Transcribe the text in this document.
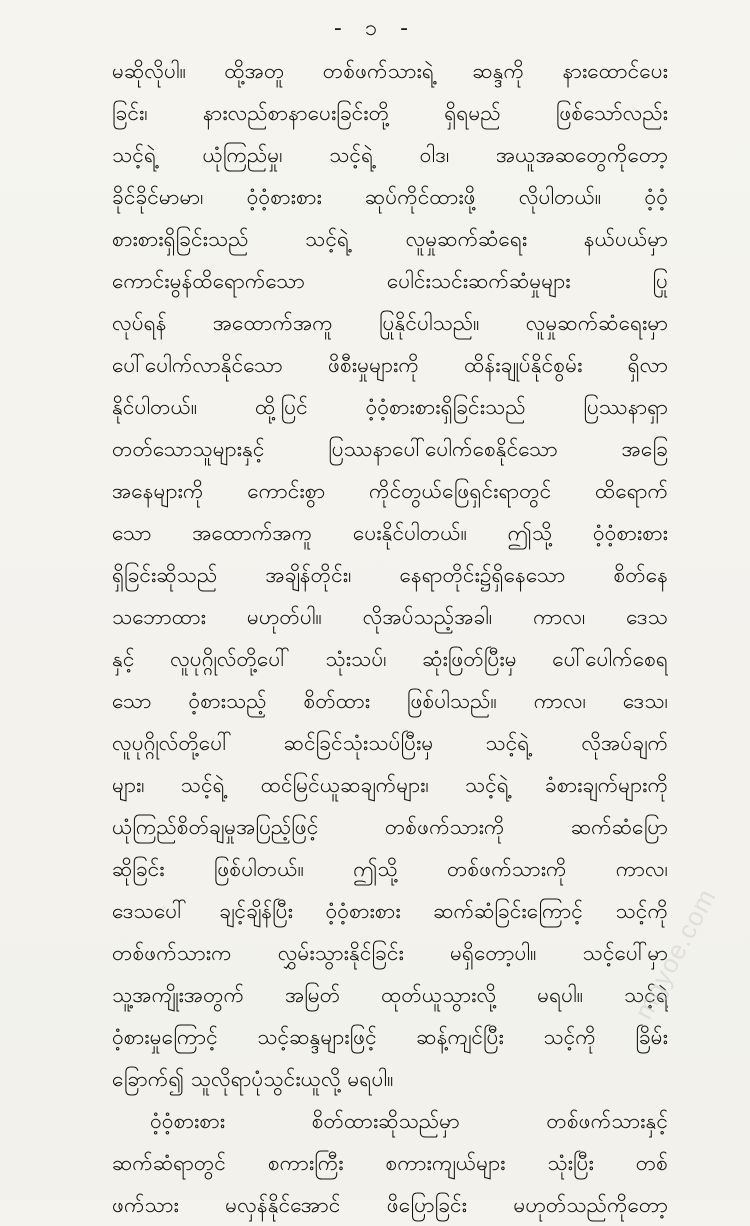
- ၁ -
မဆိုလိုပါ။ ထို့အတူ တစ်ဖက်သားရဲ့ ဆန္ဒကို နားထောင်ပေး
ခြင်း၊ နားလည်စာနာပေးခြင်းတို့ ရှိရမည် ဖြစ်သော်လည်း
သင့်ရဲ့ ယုံကြည်မှု၊ သင့်ရဲ့ ဝါဒ၊ အယူအဆတွေကိုတော့
ခိုင်ခိုင်မာမာ၊ ဝံ့ဝံ့စားစား ဆုပ်ကိုင်ထားဖို့ လိုပါတယ်။ ဝံ့ဝံ့
စားစားရှိခြင်းသည် သင့်ရဲ့ လူမှုဆက်ဆံရေး နယ်ပယ်မှာ
ကောင်းမွန်ထိရောက်သော ပေါင်းသင်းဆက်ဆံမှုများ ပြု
လုပ်ရန် အထောက်အကူ ပြုနိုင်ပါသည်။ လူမှုဆက်ဆံရေးမှာ
ပေါ်ပေါက်လာနိုင်သော ဖိစီးမှုများကို ထိန်းချုပ်နိုင်စွမ်း ရှိလာ
နိုင်ပါတယ်။ ထို့ပြင် ဝံ့ဝံ့စားစားရှိခြင်းသည် ပြဿနာရှာ
တတ်သောသူများနှင့် ပြဿနာပေါ်ပေါက်စေနိုင်သော အခြေ
အနေများကို ကောင်းစွာ ကိုင်တွယ်ဖြေရှင်းရာတွင် ထိရောက်
သော အထောက်အကူ ပေးနိုင်ပါတယ်။ ဤသို့ ဝံ့ဝံ့စားစား
ရှိခြင်းဆိုသည် အချိန်တိုင်း၊ နေရာတိုင်း၌ရှိနေသော စိတ်နေ
သဘောထား မဟုတ်ပါ။ လိုအပ်သည့်အခါ၊ ကာလ၊ ဒေသ
နှင့် လူပုဂ္ဂိုလ်တို့ပေါ် သုံးသပ်၊ ဆုံးဖြတ်ပြီးမှ ပေါ်ပေါက်စေရ
သော ဝံ့စားသည့် စိတ်ထား ဖြစ်ပါသည်။ ကာလ၊ ဒေသ၊
လူပုဂ္ဂိုလ်တို့ပေါ် ဆင်ခြင်သုံးသပ်ပြီးမှ သင့်ရဲ့ လိုအပ်ချက်
များ၊ သင့်ရဲ့ ထင်မြင်ယူဆချက်များ၊ သင့်ရဲ့ ခံစားချက်များကို
ယုံကြည်စိတ်ချမှုအပြည့်ဖြင့် တစ်ဖက်သားကို ဆက်ဆံပြော
ဆိုခြင်း ဖြစ်ပါတယ်။ ဤသို့ တစ်ဖက်သားကို ကာလ၊
ဒေသပေါ် ချင့်ချိန်ပြီး ဝံ့ဝံ့စားစား ဆက်ဆံခြင်းကြောင့် သင့်ကို
တစ်ဖက်သားက လွှမ်းသွားနိုင်ခြင်း မရှိတော့ပါ။ သင့်ပေါ်မှာ
သူ့အကျိုးအတွက် အမြတ် ထုတ်ယူသွားလို့ မရပါ။ သင့်ရဲ့
ဝံ့စားမှုကြောင့် သင့်ဆန္ဒများဖြင့် ဆန့်ကျင်ပြီး သင့်ကို ခြိမ်း
ခြောက်၍ သူလိုရာပုံသွင်းယူလို့ မရပါ။
ဝံ့ဝံ့စားစား စိတ်ထားဆိုသည်မှာ တစ်ဖက်သားနှင့်
ဆက်ဆံရာတွင် စကားကြီး စကားကျယ်များ သုံးပြီး တစ်
ဖက်သား မလှန်နိုင်အောင် ဖိပြောခြင်း မဟုတ်သည်ကိုတော့
mgyoe.com
